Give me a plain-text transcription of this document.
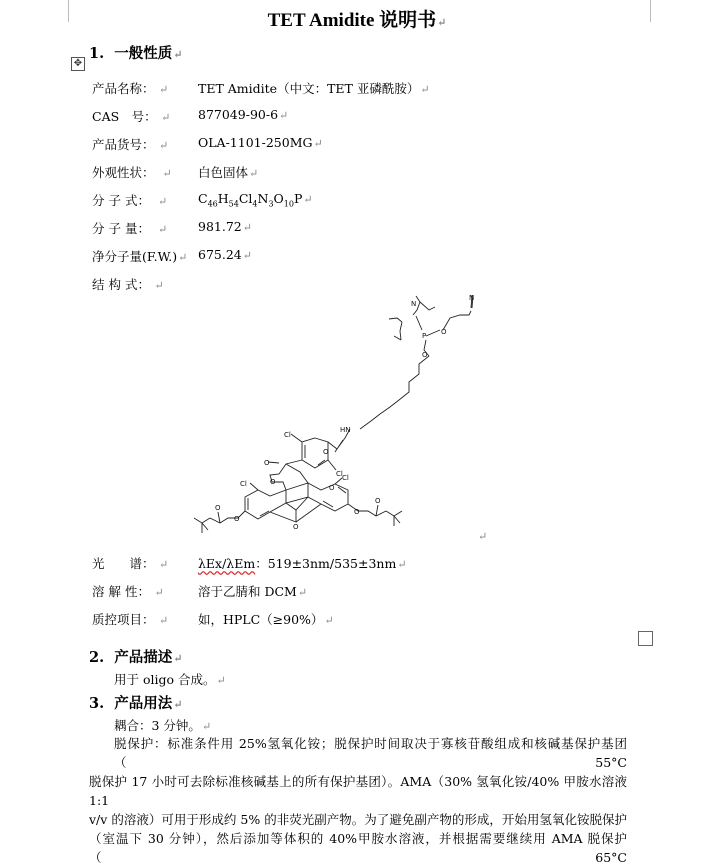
TET Amidite 说明书↵
✥
1. 一般性质↵
产品名称： ↵ TET Amidite（中文：TET 亚磷酰胺）↵
CAS　号： ↵ 877049-90-6↵
产品货号： ↵ OLA-1101-250MG↵
外观性状：  ↵ 白色固体↵
分 子 式：  ↵ $C_{46}H_{54}Cl_4N_3O_{10}P↵$
分 子 量：  ↵ 981.72↵
净分子量(F.W.)↵ 675.24↵
结 构 式： ↵
N
P O
O
N
HN
O
Cl
Cl
Cl
Cl
O
O
O
O
O	O
O
O
↵
光　　谱： ↵ λEx/λEm：519±3nm/535±3nm↵
溶 解 性： ↵	溶于乙腈和 DCM↵
质控项目： ↵ 如，HPLC（≥90%）↵
2. 产品描述↵
用于 oligo 合成。↵
3. 产品用法↵
耦合：3 分钟。↵
脱保护：标准条件用 25%氢氧化铵；脱保护时间取决于寡核苷酸组成和核碱基保护基团（55°C
脱保护 17 小时可去除标准核碱基上的所有保护基团）。AMA（30% 氢氧化铵/40% 甲胺水溶液 1:1
v/v 的溶液）可用于形成约 5% 的非荧光副产物。为了避免副产物的形成，开始用氢氧化铵脱保护
（室温下 30 分钟），然后添加等体积的 40%甲胺水溶液，并根据需要继续用 AMA 脱保护（65°C
